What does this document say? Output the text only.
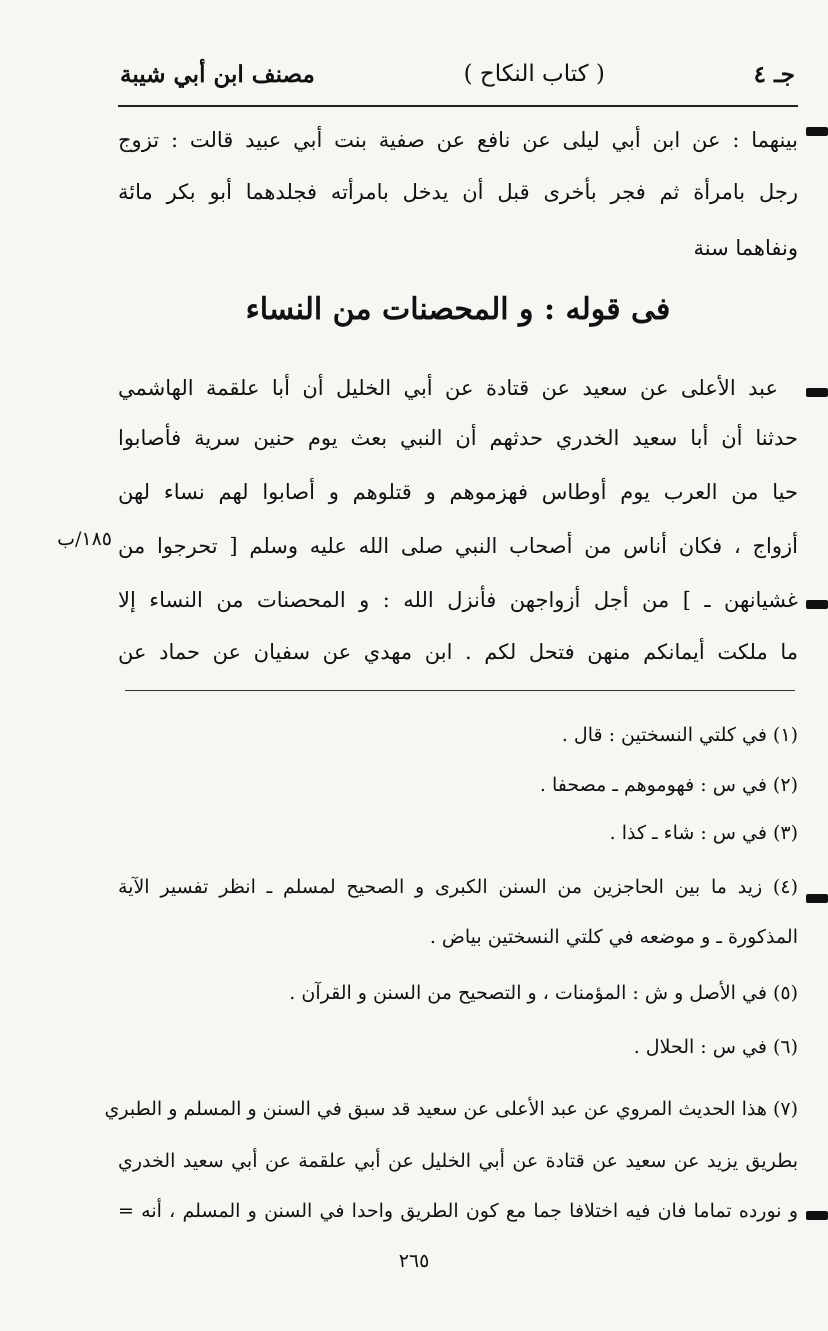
مصنف ابن أبي شيبة	( كتاب النكاح )	جـ ٤
بينهما : عن ابن أبي ليلى عن نافع عن صفية بنت أبي عبيد قالت : تزوج
رجل بامرأة ثم فجر بأخرى قبل أن يدخل بامرأته فجلدهما أبو بكر مائة
ونفاهما سنة
فى قوله : و المحصنات من النساء
عبد الأعلى عن سعيد عن قتادة عن أبي الخليل أن أبا علقمة الهاشمي
حدثنا أن أبا سعيد الخدري حدثهم أن النبي بعث يوم حنين سرية فأصابوا
حيا من العرب يوم أوطاس فهزموهم و قتلوهم و أصابوا لهم نساء لهن
أزواج ، فكان أناس من أصحاب النبي صلى الله عليه وسلم [ تحرجوا من
غشيانهن ـ ] من أجل أزواجهن فأنزل الله : و المحصنات من النساء إلا
ما ملكت أيمانكم منهن فتحل لكم . ابن مهدي عن سفيان عن حماد عن
١٨٥/ب
(١) في كلتي النسختين : قال .
(٢) في س : فهوموهم ـ مصحفا .
(٣) في س : شاء ـ كذا .
(٤) زيد ما بين الحاجزين من السنن الكبرى و الصحيح لمسلم ـ انظر تفسير الآية
المذكورة ـ و موضعه في كلتي النسختين بياض .
(٥) في الأصل و ش : المؤمنات ، و التصحيح من السنن و القرآن .
(٦) في س : الحلال .
(٧) هذا الحديث المروي عن عبد الأعلى عن سعيد قد سبق في السنن و المسلم و الطبري
بطريق يزيد عن سعيد عن قتادة عن أبي الخليل عن أبي علقمة عن أبي سعيد الخدري
و نورده تماما فان فيه اختلافا جما مع كون الطريق واحدا في السنن و المسلم ، أنه =
٢٦٥
